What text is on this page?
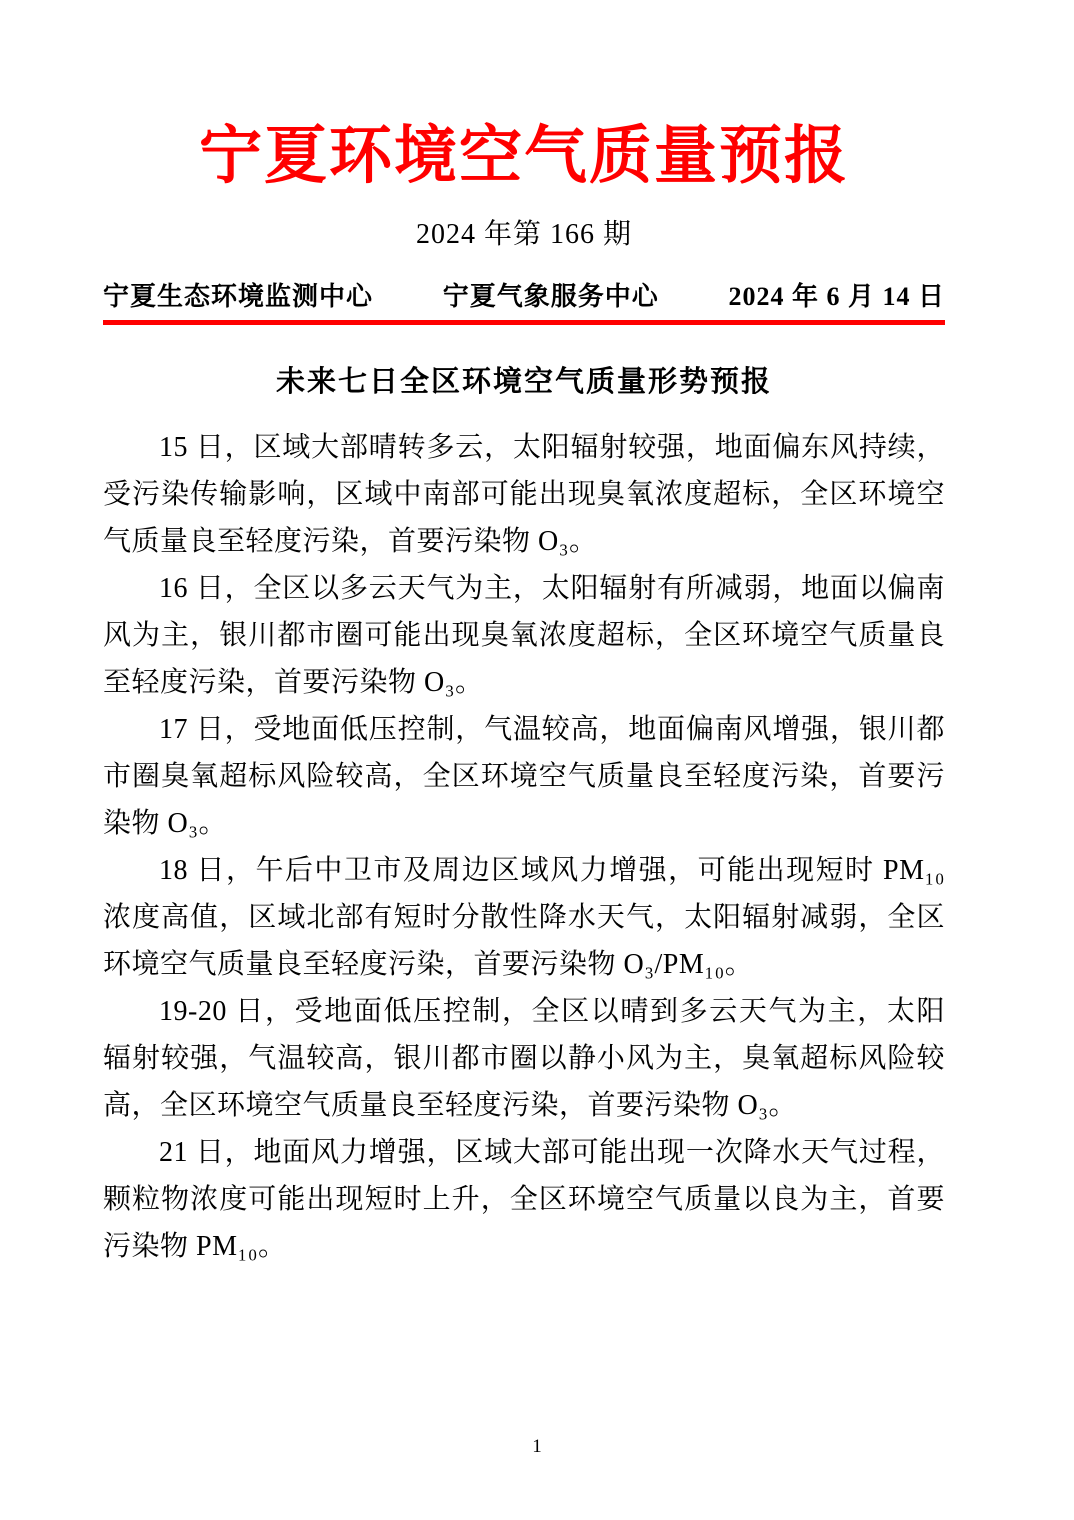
宁夏环境空气质量预报
2024 年第 166 期
宁夏生态环境监测中心	宁夏气象服务中心	2024 年 6 月 14 日
未来七日全区环境空气质量形势预报

15 日，区域大部晴转多云，太阳辐射较强，地面偏东风持续，受污染传输影响，区域中南部可能出现臭氧浓度超标，全区环境空气质量良至轻度污染，首要污染物 O₃。

16 日，全区以多云天气为主，太阳辐射有所减弱，地面以偏南风为主，银川都市圈可能出现臭氧浓度超标，全区环境空气质量良至轻度污染，首要污染物 O₃。

17 日，受地面低压控制，气温较高，地面偏南风增强，银川都市圈臭氧超标风险较高，全区环境空气质量良至轻度污染，首要污染物 O₃。

18 日，午后中卫市及周边区域风力增强，可能出现短时 PM₁₀ 浓度高值，区域北部有短时分散性降水天气，太阳辐射减弱，全区环境空气质量良至轻度污染，首要污染物 O₃/PM₁₀。

19-20 日，受地面低压控制，全区以晴到多云天气为主，太阳辐射较强，气温较高，银川都市圈以静小风为主，臭氧超标风险较高，全区环境空气质量良至轻度污染，首要污染物 O₃。

21 日，地面风力增强，区域大部可能出现一次降水天气过程，颗粒物浓度可能出现短时上升，全区环境空气质量以良为主，首要污染物 PM₁₀。

1
